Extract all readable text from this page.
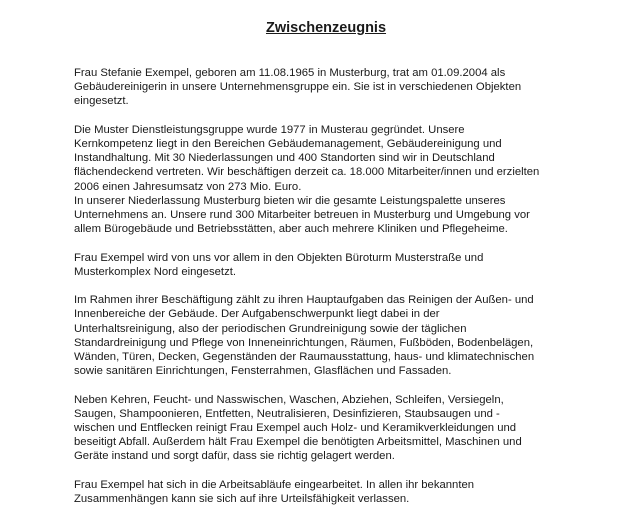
Zwischenzeugnis

Frau Stefanie Exempel, geboren am 11.08.1965 in Musterburg, trat am 01.09.2004 als
Gebäudereinigerin in unsere Unternehmensgruppe ein. Sie ist in verschiedenen Objekten
eingesetzt.

Die Muster Dienstleistungsgruppe wurde 1977 in Musterau gegründet. Unsere
Kernkompetenz liegt in den Bereichen Gebäudemanagement, Gebäudereinigung und
Instandhaltung. Mit 30 Niederlassungen und 400 Standorten sind wir in Deutschland
flächendeckend vertreten. Wir beschäftigen derzeit ca. 18.000 Mitarbeiter/innen und erzielten
2006 einen Jahresumsatz von 273 Mio. Euro.

In unserer Niederlassung Musterburg bieten wir die gesamte Leistungspalette unseres
Unternehmens an. Unsere rund 300 Mitarbeiter betreuen in Musterburg und Umgebung vor
allem Bürogebäude und Betriebsstätten, aber auch mehrere Kliniken und Pflegeheime.

Frau Exempel wird von uns vor allem in den Objekten Büroturm Musterstraße und
Musterkomplex Nord eingesetzt.

Im Rahmen ihrer Beschäftigung zählt zu ihren Hauptaufgaben das Reinigen der Außen- und
Innenbereiche der Gebäude. Der Aufgabenschwerpunkt liegt dabei in der
Unterhaltsreinigung, also der periodischen Grundreinigung sowie der täglichen
Standardreinigung und Pflege von Inneneinrichtungen, Räumen, Fußböden, Bodenbelägen,
Wänden, Türen, Decken, Gegenständen der Raumausstattung, haus- und klimatechnischen
sowie sanitären Einrichtungen, Fensterrahmen, Glasflächen und Fassaden.

Neben Kehren, Feucht- und Nasswischen, Waschen, Abziehen, Schleifen, Versiegeln,
Saugen, Shampoonieren, Entfetten, Neutralisieren, Desinfizieren, Staubsaugen und -
wischen und Entflecken reinigt Frau Exempel auch Holz- und Keramikverkleidungen und
beseitigt Abfall. Außerdem hält Frau Exempel die benötigten Arbeitsmittel, Maschinen und
Geräte instand und sorgt dafür, dass sie richtig gelagert werden.

Frau Exempel hat sich in die Arbeitsabläufe eingearbeitet. In allen ihr bekannten
Zusammenhängen kann sie sich auf ihre Urteilsfähigkeit verlassen.
